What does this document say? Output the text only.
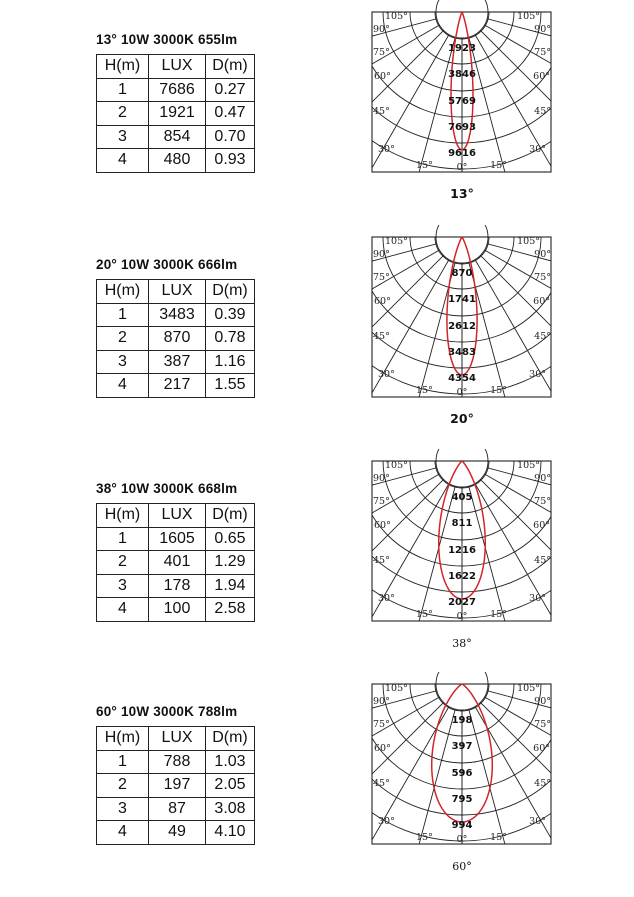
13° 10W 3000K 655lm
H(m)	LUX	D(m)
1	7686	0.27
2	1921	0.47
3	854	0.70
4	480	0.93
105°
90°
75°
60°
45°
30°
15°
105°
90°
75°
60°
45°
30°
15°
0°
1923
3846
5769
7693
9616
13°
20° 10W 3000K 666lm
H(m)	LUX	D(m)
1	3483	0.39
2	870	0.78
3	387	1.16
4	217	1.55
105°
90°
75°
60°
45°
30°
15°
105°
90°
75°
60°
45°
30°
15°
0°
870
1741
2612
3483
4354
20°
38° 10W 3000K 668lm
H(m)	LUX	D(m)
1	1605	0.65
2	401	1.29
3	178	1.94
4	100	2.58
105°
90°
75°
60°
45°
30°
15°
105°
90°
75°
60°
45°
30°
15°
0°
405
811
1216
1622
2027
38°
60° 10W 3000K 788lm
H(m)	LUX	D(m)
1	788	1.03
2	197	2.05
3	87	3.08
4	49	4.10
105°
90°
75°
60°
45°
30°
15°
105°
90°
75°
60°
45°
30°
15°
0°
198
397
596
795
994
60°
